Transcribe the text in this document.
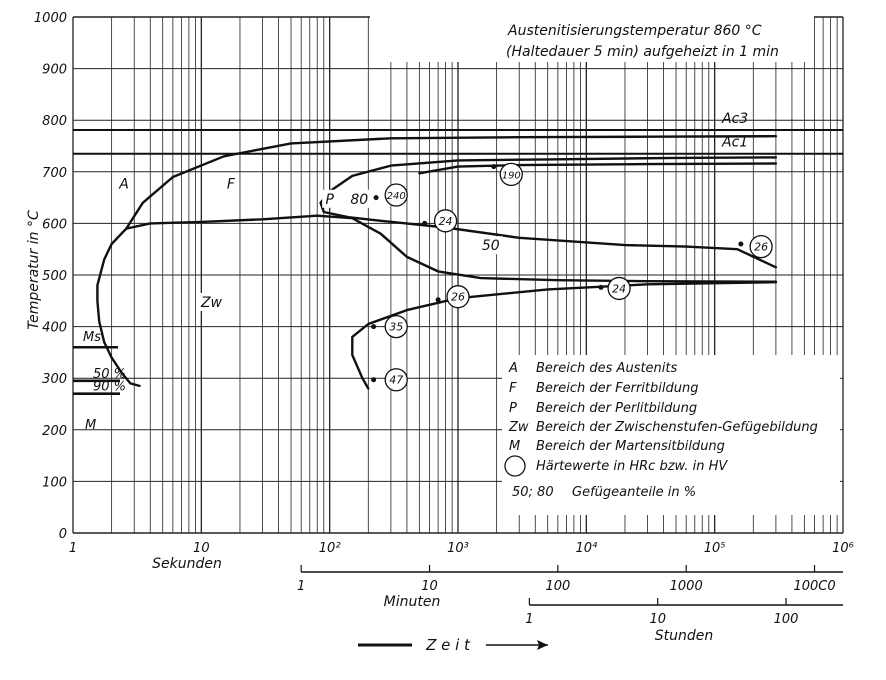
Ac3
Ac1
240
190
24
26
26
24
35
47
0
100
200
300
400
500
600
700
800
900
1000
1	10	10²	10³	10⁴	10⁵	10⁶
1	10	100	1000	100C0
1	10	100
A	F
P 80
50
Zw
Ms
50 %
90 %
M
Austenitisierungstemperatur 860 °C
(Haltedauer 5 min) aufgeheizt in 1 min
Temperatur in °C
Sekunden
Minuten
Stunden
Z e i t
A Bereich des Austenits
F Bereich der Ferritbildung
P Bereich der Perlitbildung
Zw Bereich der Zwischenstufen-Gefügebildung
M Bereich der Martensitbildung
Härtewerte in HRc bzw. in HV
50; 80 Gefügeanteile in %
